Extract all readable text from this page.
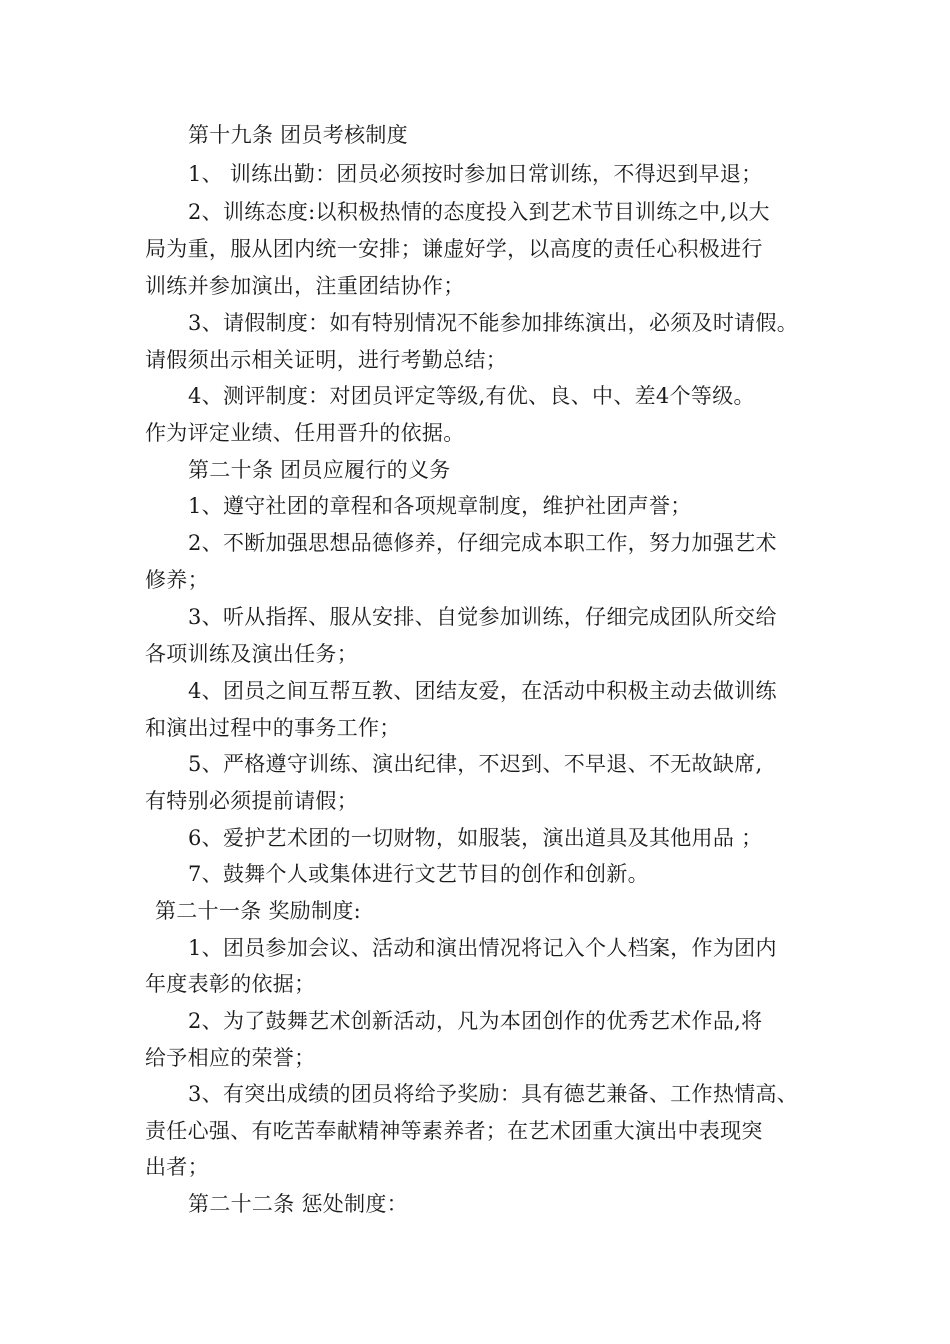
第十九条 团员考核制度
1、 训练出勤：团员必须按时参加日常训练，不得迟到早退；
2、训练态度:以积极热情的态度投入到艺术节目训练之中,以大
局为重，服从团内统一安排；谦虚好学，以高度的责任心积极进行
训练并参加演出，注重团结协作；
3、请假制度：如有特别情况不能参加排练演出，必须及时请假。
请假须出示相关证明，进行考勤总结；
4、测评制度：对团员评定等级,有优、良、中、差4个等级。
作为评定业绩、任用晋升的依据。
第二十条 团员应履行的义务
1、遵守社团的章程和各项规章制度，维护社团声誉；
2、不断加强思想品德修养，仔细完成本职工作，努力加强艺术
修养；
3、听从指挥、服从安排、自觉参加训练，仔细完成团队所交给
各项训练及演出任务；
4、团员之间互帮互教、团结友爱，在活动中积极主动去做训练
和演出过程中的事务工作；
5、严格遵守训练、演出纪律，不迟到、不早退、不无故缺席,
有特别必须提前请假；
6、爱护艺术团的一切财物，如服装，演出道具及其他用品 ；
7、鼓舞个人或集体进行文艺节目的创作和创新。
第二十一条 奖励制度:
1、团员参加会议、活动和演出情况将记入个人档案，作为团内
年度表彰的依据；
2、为了鼓舞艺术创新活动，凡为本团创作的优秀艺术作品,将
给予相应的荣誉；
3、有突出成绩的团员将给予奖励：具有德艺兼备、工作热情高、
责任心强、有吃苦奉献精神等素养者；在艺术团重大演出中表现突
出者；
第二十二条 惩处制度：
